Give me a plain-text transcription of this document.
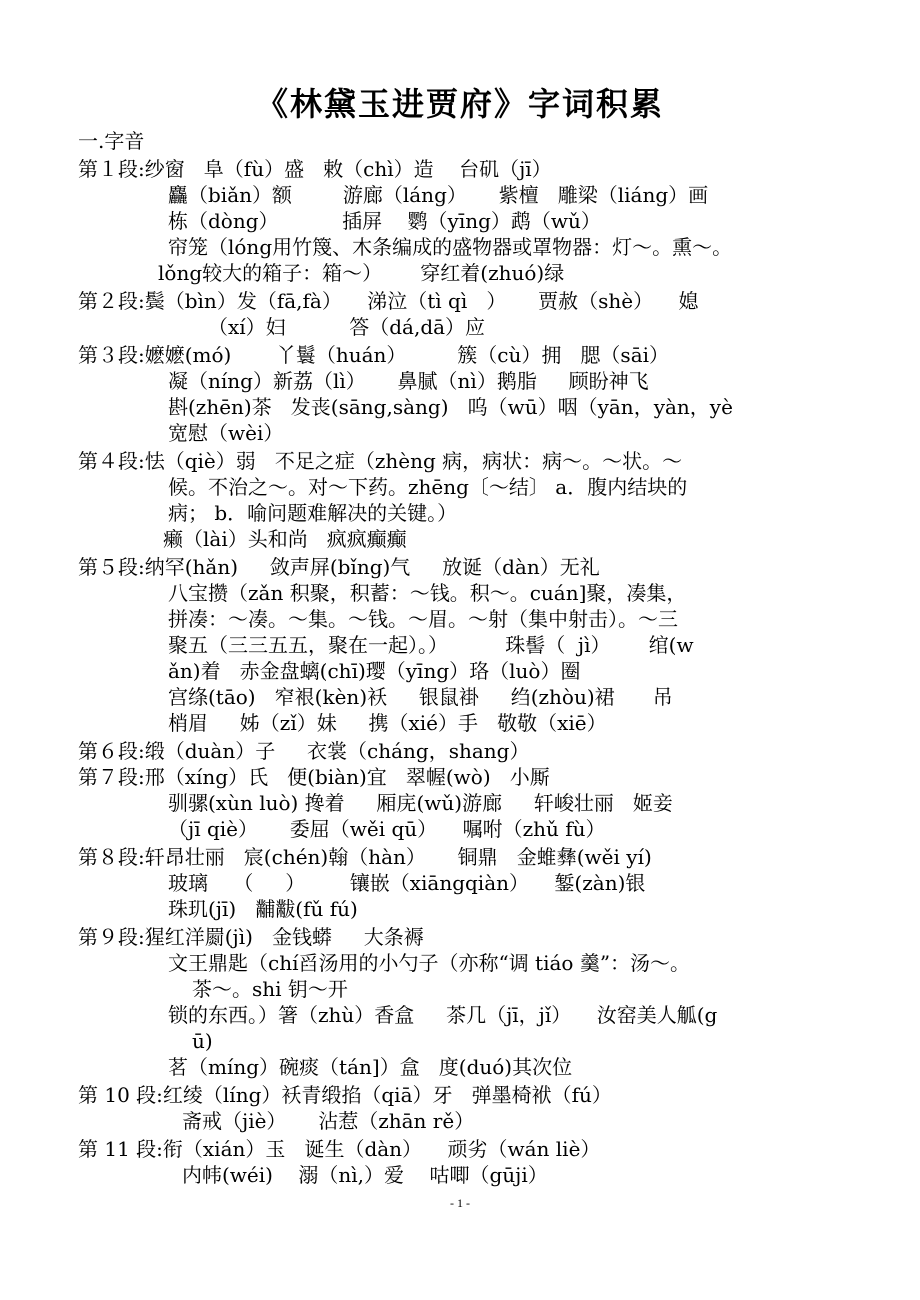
《林黛玉进贾府》字词积累
一.字音
第１段:纱窗   阜（fù）盛   敕（chì）造    台矶（jī）
麤（biǎn）额        游廊（láng）     紫檀   雕梁（liáng）画
栋（dòng）          插屏    鹦（yīng）鹉（wǔ）
帘笼（lóng用竹篾、木条编成的盛物器或罩物器：灯～。熏～。
lǒng较大的箱子：箱～）      穿红着(zhuó)绿
第２段:鬓（bìn）发（fā,fà）    涕泣（tì qì   ）     贾赦（shè）    媳
（xí）妇          答（dá,dā）应
第３段:嬷嬷(mó)       丫鬟（huán）        簇（cù）拥   腮（sāi）
凝（níng）新荔（lì）     鼻腻（nì）鹅脂     顾盼神飞
斟(zhēn)茶   发丧(sāng,sàng)   呜（wū）咽（yān，yàn，yè
宽慰（wèi）
第４段:怯（qiè）弱   不足之症（zhèng 病，病状：病～。～状。～
候。不治之～。对～下药。zhēng〔～结〕 a．腹内结块的
病； b．喻问题难解决的关键。）
癞（lài）头和尚   疯疯癫癫
第５段:纳罕(hǎn)     敛声屏(bǐng)气     放诞（dàn）无礼
八宝攒（zǎn 积聚，积蓄：～钱。积～。cuán]聚，凑集，
拼凑：～凑。～集。～钱。～眉。～射（集中射击）。～三
聚五（三三五五，聚在一起）。）         珠髻（  jì）      绾(w
ǎn)着   赤金盘螭(chī)璎（yīng）珞（luò）圈
宫绦(tāo)   窄裉(kèn)袄     银鼠褂     绉(zhòu)裙      吊
梢眉     姊（zǐ）妹     携（xié）手   敬敬（xiē）
第６段:缎（duàn）子     衣裳（cháng，shang）
第７段:邢（xíng）氏   便(biàn)宜   翠幄(wò)   小厮
驯骡(xùn luò) 搀着     厢庑(wǔ)游廊     轩峻壮丽   姬妾
（jī qiè）     委屈（wěi qū）    嘱咐（zhǔ fù）
第８段:轩昂壮丽   宸(chén)翰（hàn）     铜鼎   金蜼彝(wěi yí)
玻璃    （     ）       镶嵌（xiāngqiàn）    錾(zàn)银
珠玑(jī)   黼黻(fǔ fú)
第９段:猩红洋罽(jì)   金钱蟒     大条褥
文王鼎匙（chí舀汤用的小勺子（亦称“调 tiáo 羹”：汤～。
茶～。shi 钥～开
锁的东西。）箸（zhù）香盒     茶几（jī，jǐ）    汝窑美人觚(g
ū)
茗（míng）碗痰（tán]）盒   度(duó)其次位
第 10 段:红绫（líng）袄青缎掐（qiā）牙   弹墨椅袱（fú）
斋戒（jiè）     沾惹（zhān rě）
第 11 段:衔（xián）玉   诞生（dàn）    顽劣（wán liè）
内帏(wéi)    溺（nì,）爱    咕唧（gūji）
- 1 -
